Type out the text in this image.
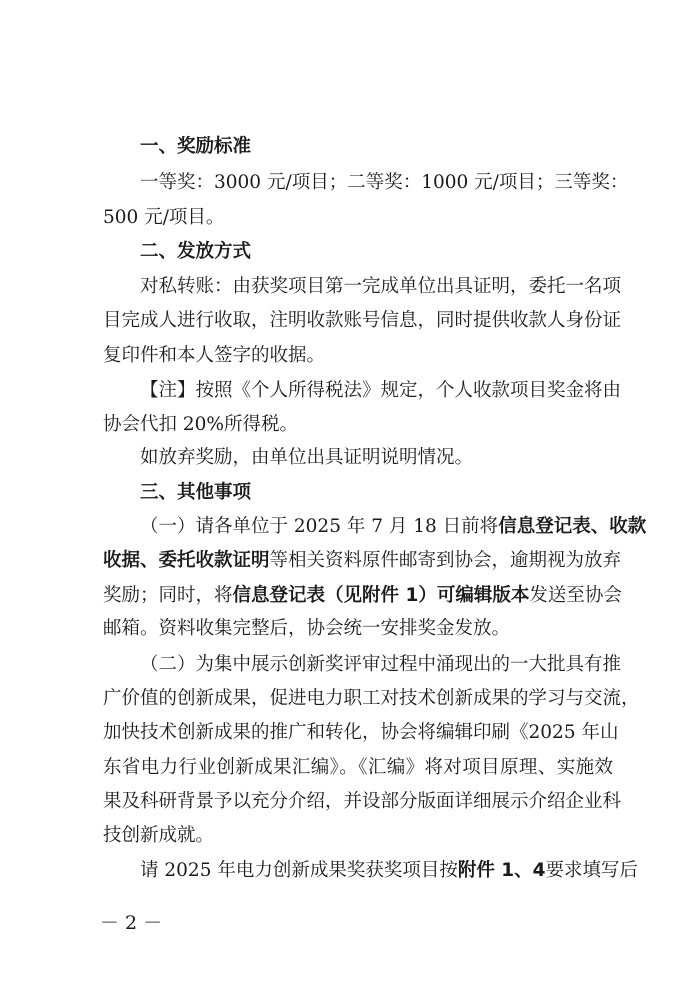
一、奖励标准
一等奖：3000 元/项目；二等奖：1000 元/项目；三等奖：
500 元/项目。
二、发放方式
对私转账：由获奖项目第一完成单位出具证明，委托一名项
目完成人进行收取，注明收款账号信息，同时提供收款人身份证
复印件和本人签字的收据。
【注】按照《个人所得税法》规定，个人收款项目奖金将由
协会代扣 20%所得税。
如放弃奖励，由单位出具证明说明情况。
三、其他事项
（一）请各单位于 2025 年 7 月 18 日前将信息登记表、收款
收据、委托收款证明等相关资料原件邮寄到协会，逾期视为放弃
奖励；同时，将信息登记表（见附件 1）可编辑版本发送至协会
邮箱。资料收集完整后，协会统一安排奖金发放。
（二）为集中展示创新奖评审过程中涌现出的一大批具有推
广价值的创新成果，促进电力职工对技术创新成果的学习与交流，
加快技术创新成果的推广和转化，协会将编辑印刷《2025 年山
东省电力行业创新成果汇编》。《汇编》将对项目原理、实施效
果及科研背景予以充分介绍，并设部分版面详细展示介绍企业科
技创新成就。
请 2025 年电力创新成果奖获奖项目按附件 1、4要求填写后
－ 2 －
